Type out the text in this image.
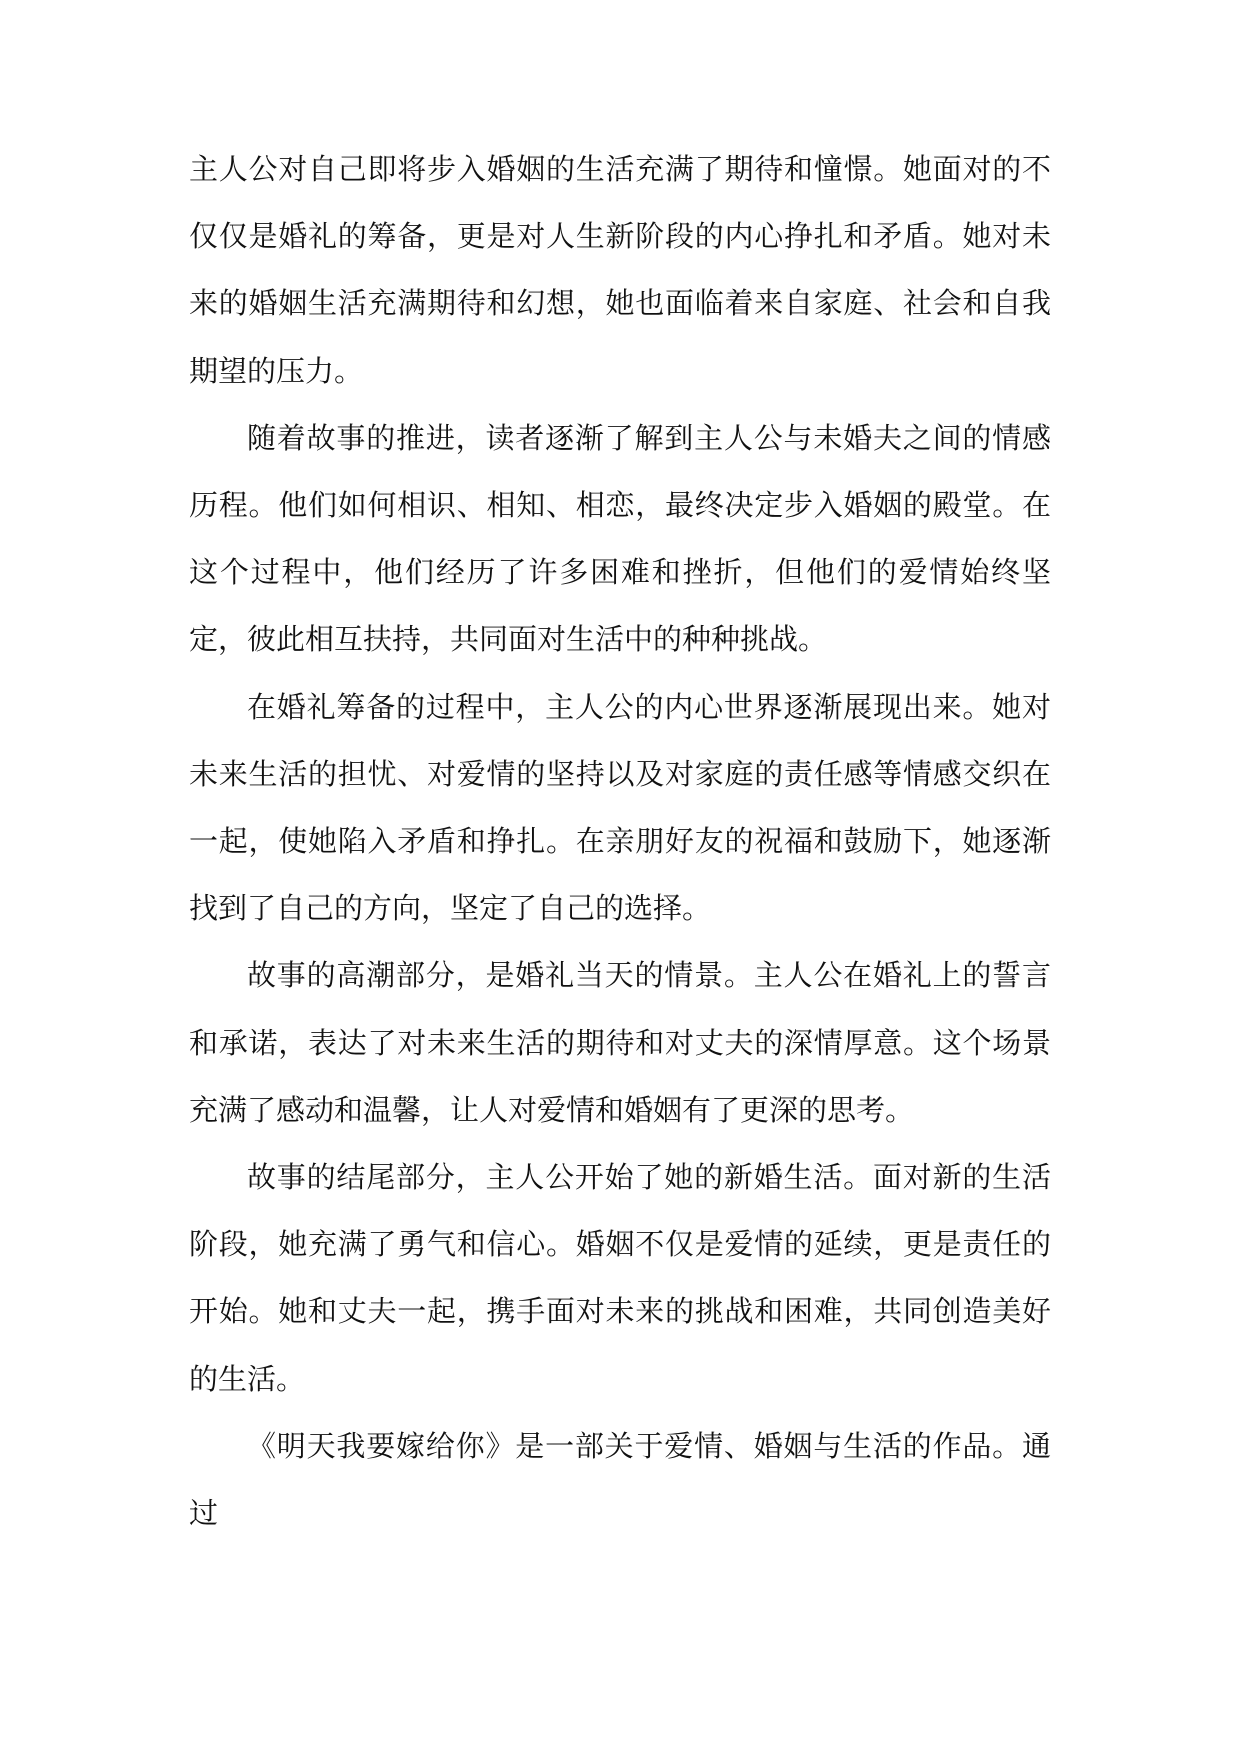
主人公对自己即将步入婚姻的生活充满了期待和憧憬。她面对的不仅仅是婚礼的筹备，更是对人生新阶段的内心挣扎和矛盾。她对未来的婚姻生活充满期待和幻想，她也面临着来自家庭、社会和自我期望的压力。

随着故事的推进，读者逐渐了解到主人公与未婚夫之间的情感历程。他们如何相识、相知、相恋，最终决定步入婚姻的殿堂。在这个过程中，他们经历了许多困难和挫折，但他们的爱情始终坚定，彼此相互扶持，共同面对生活中的种种挑战。

在婚礼筹备的过程中，主人公的内心世界逐渐展现出来。她对未来生活的担忧、对爱情的坚持以及对家庭的责任感等情感交织在一起，使她陷入矛盾和挣扎。在亲朋好友的祝福和鼓励下，她逐渐找到了自己的方向，坚定了自己的选择。

故事的高潮部分，是婚礼当天的情景。主人公在婚礼上的誓言和承诺，表达了对未来生活的期待和对丈夫的深情厚意。这个场景充满了感动和温馨，让人对爱情和婚姻有了更深的思考。

故事的结尾部分，主人公开始了她的新婚生活。面对新的生活阶段，她充满了勇气和信心。婚姻不仅是爱情的延续，更是责任的开始。她和丈夫一起，携手面对未来的挑战和困难，共同创造美好的生活。

《明天我要嫁给你》是一部关于爱情、婚姻与生活的作品。通过
